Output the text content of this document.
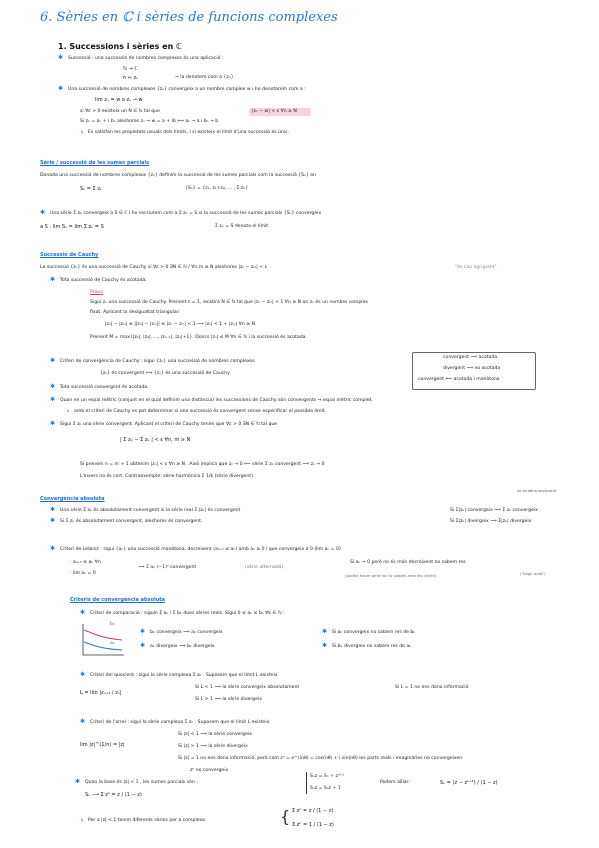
6. Sèries en ℂ i sèries de funcions complexes
1. Successions i sèries en ℂ
✱ Successió : una successió de nombres complexos és una aplicació :
ℕ → ℂ
n ↦ zₙ	→ la denotem com a {zₙ}
✱ Una successió de nombres complexos {zₙ} convergeix a un nombre complex w i ho denotarem com a :
lim zₙ = w o zₙ → w
si ∀ε > 0 existeix un N ∈ ℕ tal que	|zₙ − w| < ε ∀n ≥ N
Si zₙ = aₙ + i bₙ aleshores zₙ → w = a + ib ⟺ aₙ → a i bₙ → b
↳ Es satisfan les propietats usuals dels límits, i si existeix el límit d'una successió és únic.
Sèrie / successió de les sumes parcials
Donada una successió de nombres complexos {zₙ} definim la successió de les sumes parcials com la successió {Sₙ} on
Sₙ = Σ zₖ	{Sₙ} = {z₁, z₁+z₂, ... , Σ zₖ}
✱ Una sèrie Σ zₖ convergeix a S ∈ ℂ i ho escriurem com a Σ zₖ = S si la successió de les sumes parcials {Sₙ} convergeix
a S : lim Sₙ = lim Σ zₖ = S	Σ zₖ = S denota el límit
Successió de Cauchy
La successió {zₙ} és una successió de Cauchy si ∀ε > 0 ∃N ∈ ℕ / ∀n,m ≥ N aleshores |zₙ − zₘ| < ε	"és cau agrupant"
✱ Tota successió de Cauchy és acotada.
Prova
Sigui zₙ una successió de Cauchy. Prenent ε = 1, existirà N ∈ ℕ tal que |zₙ − zₘ| < 1 ∀n ≥ N on zₙ és un nombre complex
fixat. Aplicant la desigualtat triangular:
|zₙ| − |zₘ| ≤ ||zₙ| − |zₘ|| ≤ |zₙ − zₘ| < 1 ⟹ |zₙ| < 1 + |zₘ| ∀n ≥ N
Prenent M = max{|z₁|, |z₂|, ..., |zₙ₋₁|, |zₙ|+1}. Doncs |zₙ| ≤ M ∀n ∈ ℕ i la successió és acotada.
✱ Criteri de convergència de Cauchy : sigui {zₙ} una successió de nombres complexos
{zₙ} és convergent ⟺ {zₙ} és una successió de Cauchy
convergent ⟹ acotada
divergent ⟹ no acotada
convergent ⟸ acotada i monòtona
✱ Tota successió convergent és acotada.
✱ Quan en un espai mètric (conjunt en el qual definim una distància) les successions de Cauchy són convergents → espai mètric complet.
↳ amb el criteri de Cauchy es pot determinar si una successió és convergent sense especificar el possible límit.
✱ Sigui Σ zₖ una sèrie convergent. Aplicant el criteri de Cauchy tenim que ∀ε > 0 ∃N ∈ ℕ tal que
| Σ zₖ − Σ zₖ | < ε ∀n, m ≥ N
Si prenem n = m + 1 obtenim |zₙ| < ε ∀n ≥ N . Això implica que zₙ → 0 ⟸ sèrie Σ zₖ convergent ⟹ zₙ → 0
L'invers no és cert. Contraexemple: sèrie harmònica Σ 1/k (sèrie divergent)
Convergència absoluta
no es dóna implicació
✱ Una sèrie Σ zₖ és absolutament convergent si la sèrie real Σ |zₖ| és convergent	Si Σ|zₖ| convergeix ⟹ Σ zₖ convergeix
✱ Si Σ zₖ és absolutament convergent, aleshores és convergent.	Si Σ|zₖ| divergeix ⟹ Σ|zₖ| divergeix
✱ Criteri de Leibniz : sigui {aₙ} una successió monòtona, decreixent (aₙ₊₁ ≤ aₙ) amb aₙ ≥ 0 i que convergeix a 0 (lim aₙ = 0)
· aₙ₊₁ ≤ aₙ ∀n
· lim aₙ = 0
⟹ Σ aₙ (−1)ⁿ convergent	(sèrie alternada)
Si aₙ → 0 però no és món decreixent no sabem res
(podria haver però no no sabem amb els criteri)	("llegir amb")
Criteris de convergència absoluta
✱ Criteri de comparació : siguin Σ aₖ i Σ bₖ dues sèries reals. Sigui 0 ≤ aₖ ≤ bₖ ∀k ∈ ℕ :
bₖ
aₖ
✱ bₖ convergeix ⟹ aₖ convergeix
✱ aₖ divergeix ⟹ bₖ divergeix
✱ Si aₖ convergeix no sabem res de bₖ
✱ Si bₖ divergeix no sabem res de aₖ
✱ Criteri del quocient : sigui la sèrie complexa Σ zₖ . Suposem que el límit L existeix
L = lim |zₙ₊₁ / zₙ|
Si L < 1 ⟹ la sèrie convergeix absolutament
Si L > 1 ⟹ la sèrie divergeix
Si L = 1 no ens dona informació
✱ Criteri de l'arrel : sigui la sèrie complexa Σ zₖ . Suposem que el límit L existeix
lim |z|^(1/n) = |z|
Si |z| < 1 ⟹ la sèrie convergeix
Si |z| > 1 ⟹ la sèrie divergeix
Si |z| = 1 no ens dona informació, però com zⁿ = e^(inθ) = cos(nθ) + i sin(nθ) les parts reals i imaginàries no convergeixen
zⁿ no convergeix
✱ Quan la base és |z| < 1 , les sumes parcials són :
Sₙ ⟶ Σ zⁿ = z / (1 − z)
Sₙz = Sₙ + zⁿ⁺¹
Sₙz = Sₙz + 1
Podem aïllar:	Sₙ = (z − zⁿ⁺¹) / (1 − z)
↳ Per a |z| < 1 tenim diferents sèries per a complexa	{ Σ zⁿ = z / (1 − z)
Σ zⁿ = 1 / (1 − z)
